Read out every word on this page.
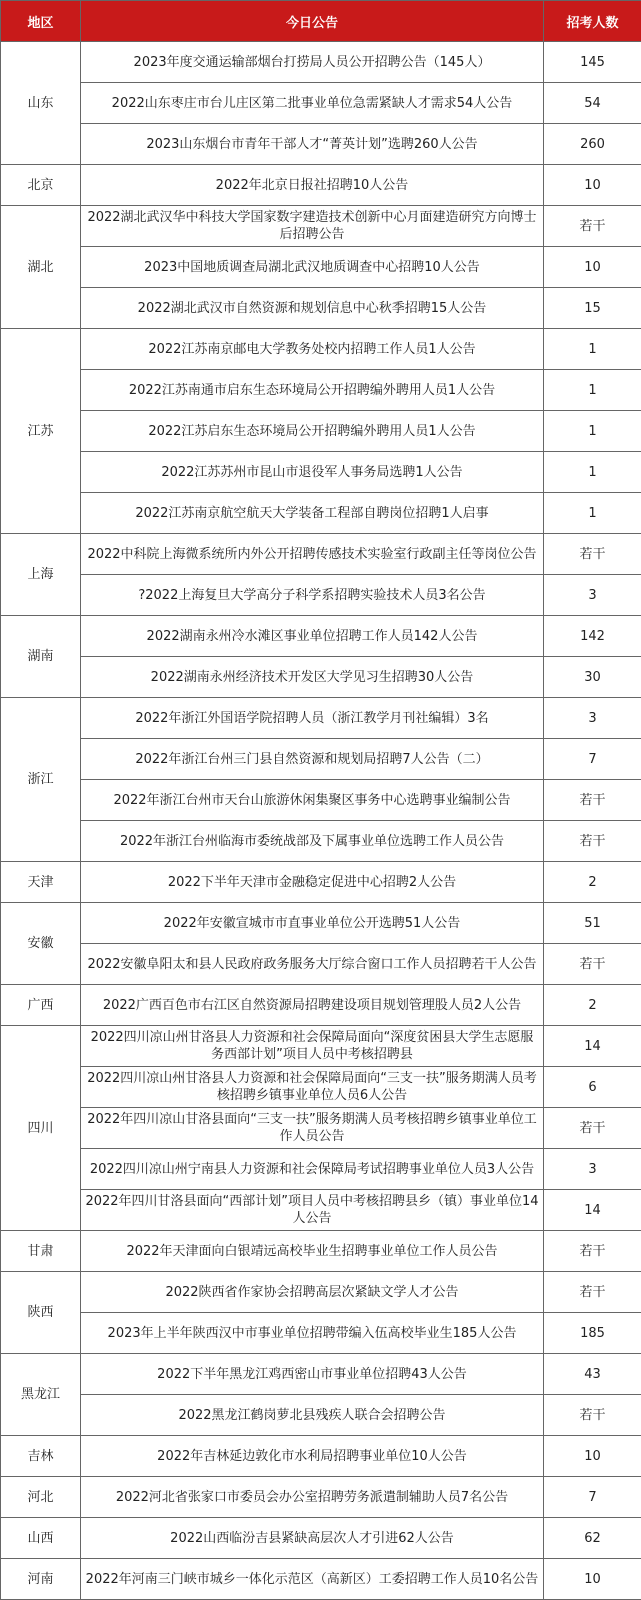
地区	今日公告	招考人数
山东	2023年度交通运输部烟台打捞局人员公开招聘公告（145人）	145
	2022山东枣庄市台儿庄区第二批事业单位急需紧缺人才需求54人公告	54
	2023山东烟台市青年干部人才“菁英计划”选聘260人公告	260
北京	2022年北京日报社招聘10人公告	10
湖北	2022湖北武汉华中科技大学国家数字建造技术创新中心月面建造研究方向博士后招聘公告	若干
	2023中国地质调查局湖北武汉地质调查中心招聘10人公告	10
	2022湖北武汉市自然资源和规划信息中心秋季招聘15人公告	15
江苏	2022江苏南京邮电大学教务处校内招聘工作人员1人公告	1
	2022江苏南通市启东生态环境局公开招聘编外聘用人员1人公告	1
	2022江苏启东生态环境局公开招聘编外聘用人员1人公告	1
	2022江苏苏州市昆山市退役军人事务局选聘1人公告	1
	2022江苏南京航空航天大学装备工程部自聘岗位招聘1人启事	1
上海	2022中科院上海微系统所内外公开招聘传感技术实验室行政副主任等岗位公告	若干
	?2022上海复旦大学高分子科学系招聘实验技术人员3名公告	3
湖南	2022湖南永州冷水滩区事业单位招聘工作人员142人公告	142
	2022湖南永州经济技术开发区大学见习生招聘30人公告	30
浙江	2022年浙江外国语学院招聘人员（浙江教学月刊社编辑）3名	3
	2022年浙江台州三门县自然资源和规划局招聘7人公告（二）	7
	2022年浙江台州市天台山旅游休闲集聚区事务中心选聘事业编制公告	若干
	2022年浙江台州临海市委统战部及下属事业单位选聘工作人员公告	若干
天津	2022下半年天津市金融稳定促进中心招聘2人公告	2
安徽	2022年安徽宣城市市直事业单位公开选聘51人公告	51
	2022安徽阜阳太和县人民政府政务服务大厅综合窗口工作人员招聘若干人公告	若干
广西	2022广西百色市右江区自然资源局招聘建设项目规划管理股人员2人公告	2
四川	2022四川凉山州甘洛县人力资源和社会保障局面向“深度贫困县大学生志愿服务西部计划”项目人员中考核招聘县	14
	2022四川凉山州甘洛县人力资源和社会保障局面向“三支一扶”服务期满人员考核招聘乡镇事业单位人员6人公告	6
	2022年四川凉山甘洛县面向“三支一扶”服务期满人员考核招聘乡镇事业单位工作人员公告	若干
	2022四川凉山州宁南县人力资源和社会保障局考试招聘事业单位人员3人公告	3
	2022年四川甘洛县面向“西部计划”项目人员中考核招聘县乡（镇）事业单位14人公告	14
甘肃	2022年天津面向白银靖远高校毕业生招聘事业单位工作人员公告	若干
陕西	2022陕西省作家协会招聘高层次紧缺文学人才公告	若干
	2023年上半年陕西汉中市事业单位招聘带编入伍高校毕业生185人公告	185
黑龙江	2022下半年黑龙江鸡西密山市事业单位招聘43人公告	43
	2022黑龙江鹤岗萝北县残疾人联合会招聘公告	若干
吉林	2022年吉林延边敦化市水利局招聘事业单位10人公告	10
河北	2022河北省张家口市委员会办公室招聘劳务派遣制辅助人员7名公告	7
山西	2022山西临汾吉县紧缺高层次人才引进62人公告	62
河南	2022年河南三门峡市城乡一体化示范区（高新区）工委招聘工作人员10名公告	10
